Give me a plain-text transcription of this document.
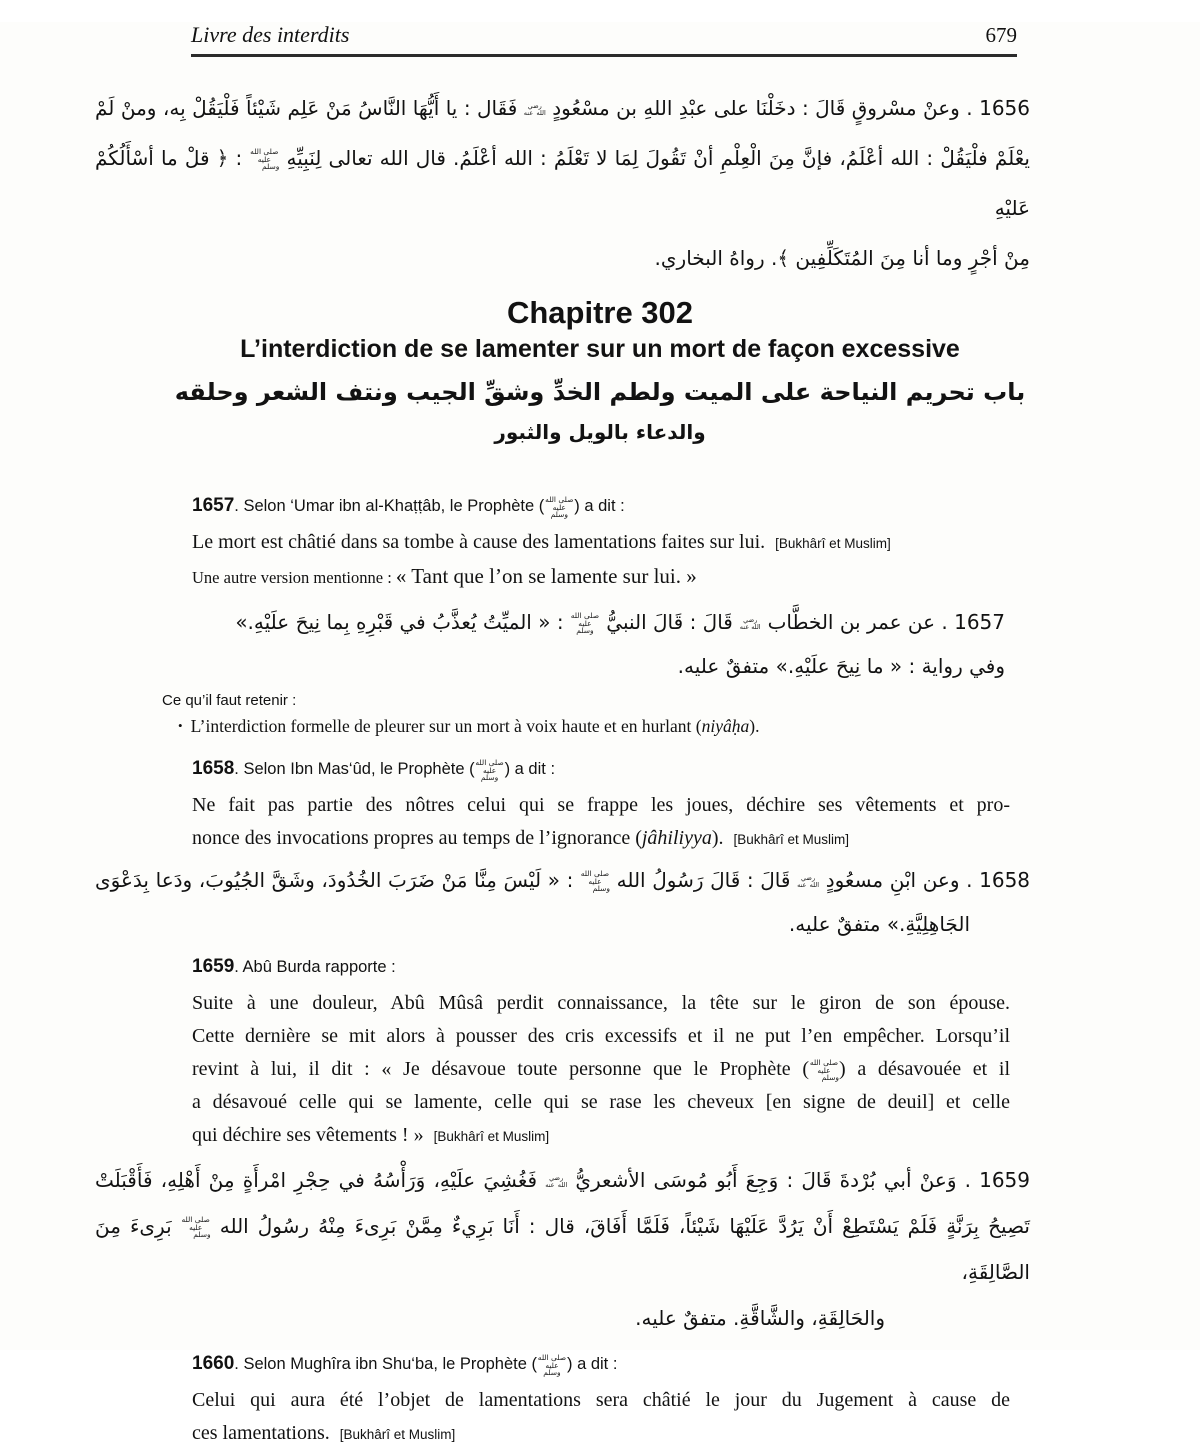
Livre des interdits	679
1656 . وعنْ مسْروقٍ قَالَ : دخَلْنَا على عبْدِ اللهِ بن مسْعُودٍ رضي الله عنه فَقَال : يا أَيُّهَا النَّاسُ مَنْ عَلِم شَيْئاً فَلْيَقُلْ بِه، ومنْ لَمْ
يعْلَمْ فلْيَقُلْ : الله أعْلَمُ، فإنَّ مِنَ الْعِلْمِ أنْ تَقُولَ لِمَا لا تَعْلَمُ : الله أعْلَمُ. قال الله تعالى لِنَبِيِّهِ صلى الله عليه وسلم : ﴿ قلْ ما أسْأَلُكُمْ عَليْهِ
مِنْ أجْرٍ وما أنا مِنَ المُتَكَلِّفِين ﴾. رواهُ البخاري.
Chapitre 302
L’interdiction de se lamenter sur un mort de façon excessive
باب تحريم النياحة على الميت ولطم الخدِّ وشقِّ الجيب ونتف الشعر وحلقه
والدعاء بالويل والثبور
1657. Selon ‘Umar ibn al-Khaṭṭâb, le Prophète (صلى الله عليه وسلم ) a dit :
Le mort est châtié dans sa tombe à cause des lamentations faites sur lui. [Bukhârî et Muslim]
Une autre version mentionne : « Tant que l’on se lamente sur lui. »
1657 . عن عمر بن الخطَّاب رضي الله عنه قَالَ : قَالَ النبيُّ صلى الله عليه وسلم : « الميِّتُ يُعذَّبُ في قَبْرِهِ بِما نِيحَ علَيْهِ.»
وفي رواية : « ما نِيحَ علَيْهِ.» متفقٌ عليه.
Ce qu’il faut retenir :
• L’interdiction formelle de pleurer sur un mort à voix haute et en hurlant (niyâḥa).
1658. Selon Ibn Mas‘ûd, le Prophète (صلى الله عليه وسلم ) a dit :
Ne fait pas partie des nôtres celui qui se frappe les joues, déchire ses vêtements et pro-
nonce des invocations propres au temps de l’ignorance (jâhiliyya). [Bukhârî et Muslim]
1658 . وعن ابْنِ مسعُودٍ رضي الله عنه قَالَ : قَالَ رَسُولُ الله صلى الله عليه وسلم : « لَيْسَ مِنَّا مَنْ ضَرَبَ الخُدُودَ، وشَقَّ الجُيُوبَ، ودَعا بِدَعْوَى
الجَاهِلِيَّةِ.» متفقٌ عليه.
1659. Abû Burda rapporte :
Suite à une douleur, Abû Mûsâ perdit connaissance, la tête sur le giron de son épouse.
Cette dernière se mit alors à pousser des cris excessifs et il ne put l’en empêcher. Lorsqu’il
revint à lui, il dit : « Je désavoue toute personne que le Prophète (صلى الله عليه وسلم) a désavouée et il
a désavoué celle qui se lamente, celle qui se rase les cheveux [en signe de deuil] et celle
qui déchire ses vêtements ! » [Bukhârî et Muslim]
1659 . وَعنْ أبي بُرْدةَ قَالَ : وَجِعَ أَبُو مُوسَى الأشعريُّ رضي الله عنه فَغُشِيَ علَيْهِ، وَرَأْسُهُ في حِجْرِ امْرأَةٍ مِنْ أَهْلِهِ، فَأَقْبَلَتْ
تَصِيحُ بِرَنَّةٍ فَلَمْ يَسْتَطِعْ أَنْ يَرُدَّ عَلَيْهَا شَيْئاً، فَلَمَّا أَفَاقَ، قال : أَنَا بَرِيءٌ مِمَّنْ بَرِىءَ مِنْهُ رسُولُ الله صلى الله عليه وسلم بَرِىءَ مِنَ الصَّالِقَةِ،
والحَالِقَةِ، والشَّاقَّةِ. متفقٌ عليه.
1660. Selon Mughîra ibn Shu‘ba, le Prophète (صلى الله عليه وسلم ) a dit :
Celui qui aura été l’objet de lamentations sera châtié le jour du Jugement à cause de
ces lamentations. [Bukhârî et Muslim]
